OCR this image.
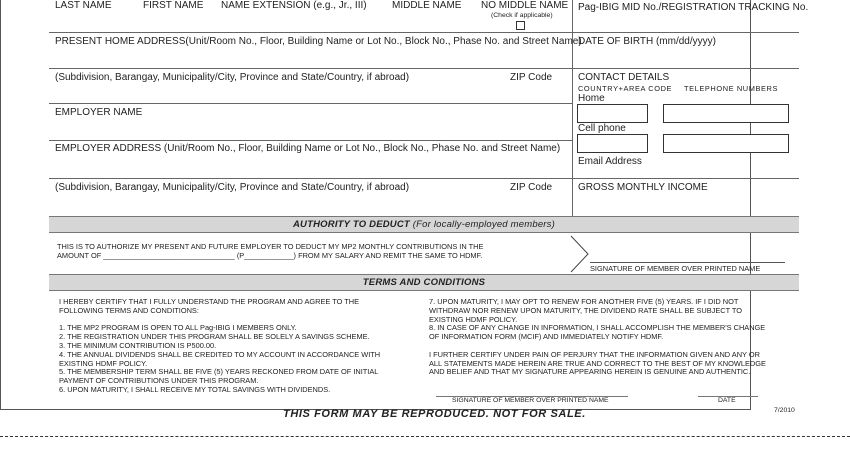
LAST NAME	FIRST NAME NAME EXTENSION (e.g., Jr., III)	MIDDLE NAME NO MIDDLE NAME
(Check if applicable)
Pag-IBIG MID No./REGISTRATION TRACKING No.
PRESENT HOME ADDRESS(Unit/Room No., Floor, Building Name or Lot No., Block No., Phase No. and Street Name)
DATE OF BIRTH (mm/dd/yyyy)
(Subdivision, Barangay, Municipality/City, Province and State/Country, if abroad)	ZIP Code	CONTACT DETAILS
COUNTRY+AREA CODE TELEPHONE NUMBERS
Home
Cell phone
Email Address
EMPLOYER NAME
EMPLOYER ADDRESS (Unit/Room No., Floor, Building Name or Lot No., Block No., Phase No. and Street Name)
(Subdivision, Barangay, Municipality/City, Province and State/Country, if abroad)	ZIP Code	GROSS MONTHLY INCOME
AUTHORITY TO DEDUCT (For locally-employed members)
THIS IS TO AUTHORIZE MY PRESENT AND FUTURE EMPLOYER TO DEDUCT MY MP2 MONTHLY CONTRIBUTIONS IN THE
AMOUNT OF ________________________________ (P____________) FROM MY SALARY AND REMIT THE SAME TO HDMF.
SIGNATURE OF MEMBER OVER PRINTED NAME
TERMS AND CONDITIONS
I HEREBY CERTIFY THAT I FULLY UNDERSTAND THE PROGRAM AND AGREE TO THE
FOLLOWING TERMS AND CONDITIONS:
1. THE MP2 PROGRAM IS OPEN TO ALL Pag-IBIG I MEMBERS ONLY.
2. THE REGISTRATION UNDER THIS PROGRAM SHALL BE SOLELY A SAVINGS SCHEME.
3. THE MINIMUM CONTRIBUTION IS P500.00.
4. THE ANNUAL DIVIDENDS SHALL BE CREDITED TO MY ACCOUNT IN ACCORDANCE WITH
EXISTING HDMF POLICY.
5. THE MEMBERSHIP TERM SHALL BE FIVE (5) YEARS RECKONED FROM DATE OF INITIAL
PAYMENT OF CONTRIBUTIONS UNDER THIS PROGRAM.
6. UPON MATURITY, I SHALL RECEIVE MY TOTAL SAVINGS WITH DIVIDENDS.
7. UPON MATURITY, I MAY OPT TO RENEW FOR ANOTHER FIVE (5) YEARS. IF I DID NOT
WITHDRAW NOR RENEW UPON MATURITY, THE DIVIDEND RATE SHALL BE SUBJECT TO
EXISTING HDMF POLICY.
8. IN CASE OF ANY CHANGE IN INFORMATION, I SHALL ACCOMPLISH THE MEMBER'S CHANGE
OF INFORMATION FORM (MCIF) AND IMMEDIATELY NOTIFY HDMF.
I FURTHER CERTIFY UNDER PAIN OF PERJURY THAT THE INFORMATION GIVEN AND ANY OR
ALL STATEMENTS MADE HEREIN ARE TRUE AND CORRECT TO THE BEST OF MY KNOWLEDGE
AND BELIEF AND THAT MY SIGNATURE APPEARING HEREIN IS GENUINE AND AUTHENTIC.
SIGNATURE OF MEMBER OVER PRINTED NAME	DATE
THIS FORM MAY BE REPRODUCED. NOT FOR SALE.	7/2010
